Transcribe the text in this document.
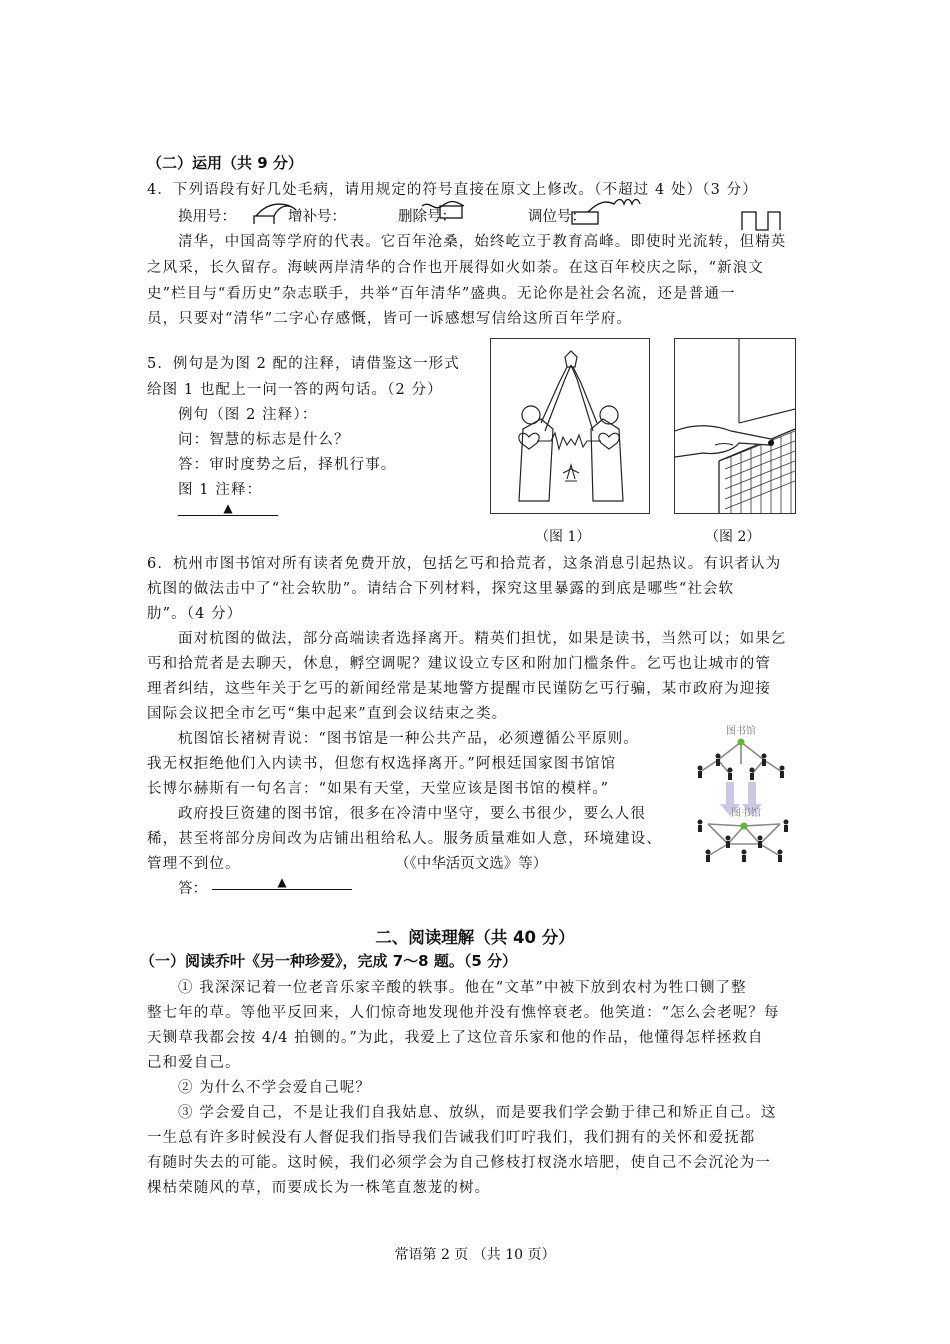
（二）运用（共 9 分）
4．下列语段有好几处毛病，请用规定的符号直接在原文上修改。（不超过 4 处）（3 分）
换用号：	增补号：	删除号：	调位号：
清华，中国高等学府的代表。它百年沧桑，始终屹立于教育高峰。即使时光流转，但精英
之风采，长久留存。海峡两岸清华的合作也开展得如火如荼。在这百年校庆之际，“新浪文
史”栏目与“看历史”杂志联手，共举“百年清华”盛典。无论你是社会名流，还是普通一
员，只要对“清华”二字心存感慨，皆可一诉感想写信给这所百年学府。
5．例句是为图 2 配的注释，请借鉴这一形式
给图 1 也配上一问一答的两句话。（2 分）
例句（图 2 注释）：
问：智慧的标志是什么？
答：审时度势之后，择机行事。
图 1 注释：
▲
（图 1）	（图 2）
6．杭州市图书馆对所有读者免费开放，包括乞丐和拾荒者，这条消息引起热议。有识者认为
杭图的做法击中了“社会软肋”。请结合下列材料，探究这里暴露的到底是哪些“社会软
肋”。（4 分）
面对杭图的做法，部分高端读者选择离开。精英们担忧，如果是读书，当然可以；如果乞
丐和拾荒者是去聊天，休息，孵空调呢？建议设立专区和附加门槛条件。乞丐也让城市的管
理者纠结，这些年关于乞丐的新闻经常是某地警方提醒市民谨防乞丐行骗，某市政府为迎接
国际会议把全市乞丐“集中起来”直到会议结束之类。
杭图馆长褚树青说：“图书馆是一种公共产品，必须遵循公平原则。
我无权拒绝他们入内读书，但您有权选择离开。”阿根廷国家图书馆馆
长博尔赫斯有一句名言：“如果有天堂，天堂应该是图书馆的模样。”
政府投巨资建的图书馆，很多在冷清中坚守，要么书很少，要么人很
稀，甚至将部分房间改为店铺出租给私人。服务质量难如人意，环境建设、
管理不到位。	（《中华活页文选》等）
答：	▲
图书馆
图书馆
二、阅读理解（共 40 分）
（一）阅读乔叶《另一种珍爱》，完成 7～8 题。（5 分）
① 我深深记着一位老音乐家辛酸的轶事。他在“文革”中被下放到农村为牲口铡了整
整七年的草。等他平反回来，人们惊奇地发现他并没有憔悴衰老。他笑道：“怎么会老呢？每
天铡草我都会按 4/4 拍铡的。”为此，我爱上了这位音乐家和他的作品，他懂得怎样拯救自
己和爱自己。
② 为什么不学会爱自己呢？
③ 学会爱自己，不是让我们自我姑息、放纵，而是要我们学会勤于律己和矫正自己。这
一生总有许多时候没有人督促我们指导我们告诫我们叮咛我们，我们拥有的关怀和爱抚都
有随时失去的可能。这时候，我们必须学会为自己修枝打杈浇水培肥，使自己不会沉沦为一
棵枯荣随风的草，而要成长为一株笔直葱茏的树。
常语第 2 页 （共 10 页）
